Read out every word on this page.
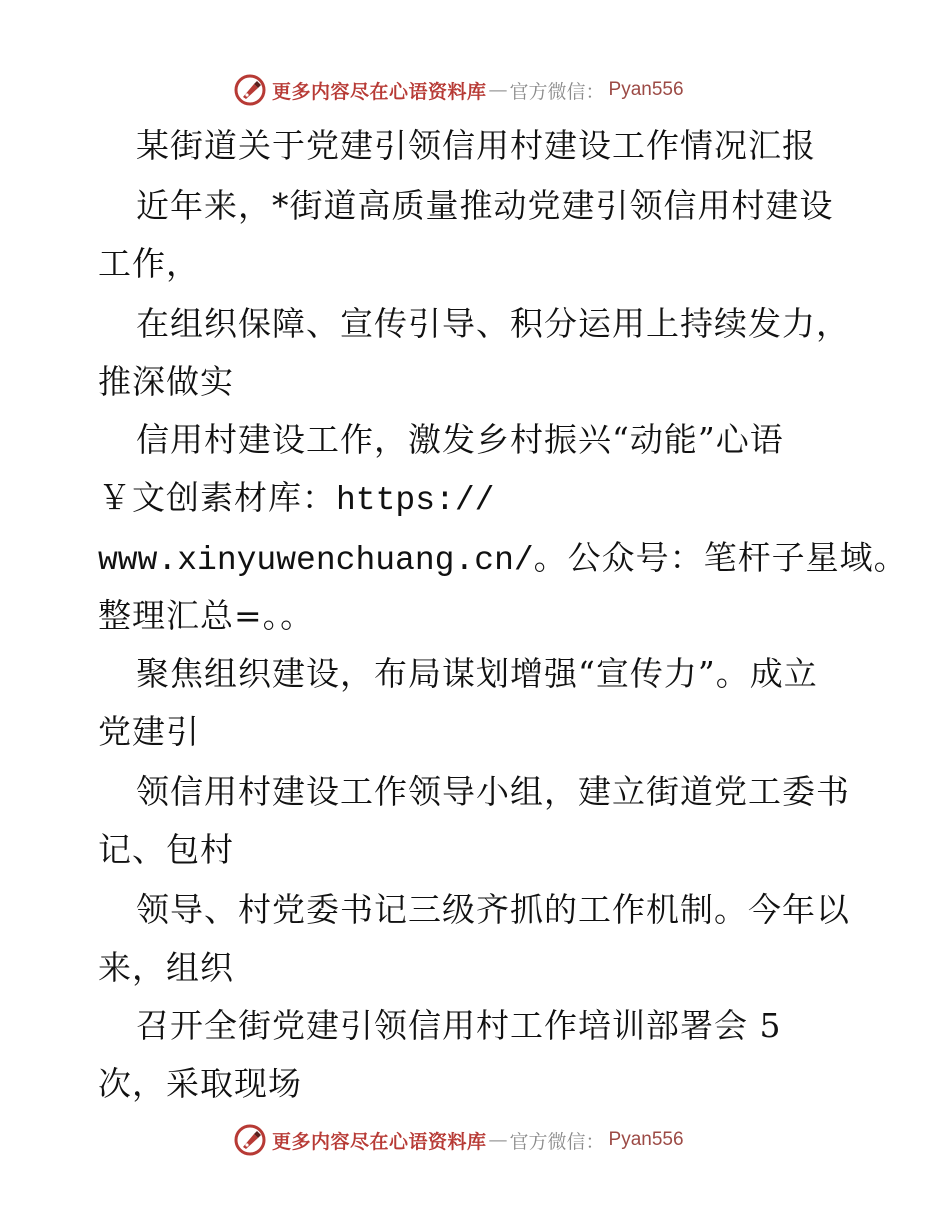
更多内容尽在心语资料库 — 官方微信： Pyan556
某街道关于党建引领信用村建设工作情况汇报
近年来，*街道高质量推动党建引领信用村建设
工作，
在组织保障、宣传引导、积分运用上持续发力，
推深做实
信用村建设工作，激发乡村振兴“动能”心语
￥文创素材库：https://
www.xinyuwenchuang.cn/。公众号：笔杆子星域。
整理汇总=。。
聚焦组织建设，布局谋划增强“宣传力”。成立
党建引
领信用村建设工作领导小组，建立街道党工委书
记、包村
领导、村党委书记三级齐抓的工作机制。今年以
来，组织
召开全街党建引领信用村工作培训部署会 5
次，采取现场
更多内容尽在心语资料库 — 官方微信： Pyan556
